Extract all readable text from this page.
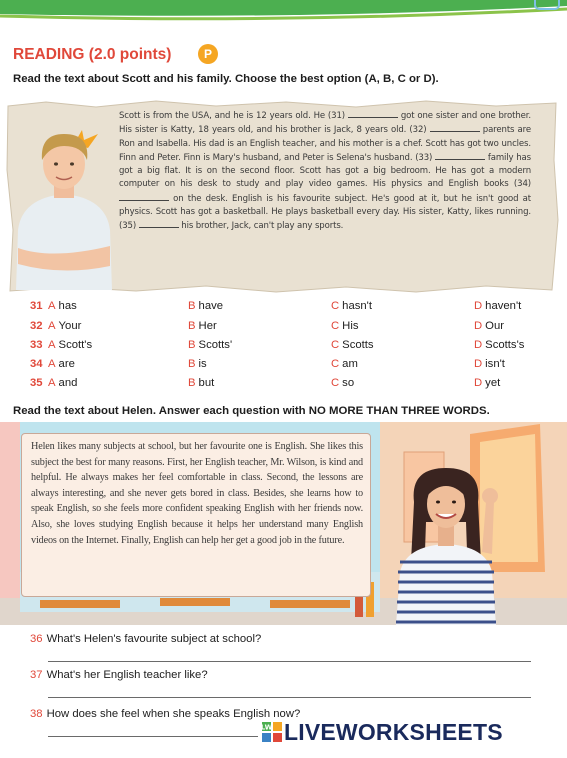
READING (2.0 points)	P
Read the text about Scott and his family. Choose the best option (A, B, C or D).
Scott is from the USA, and he is 12 years old. He (31)	got one sister and one brother. His sister is Katty, 18 years old, and his brother is Jack, 8 years old. (32)	parents are Ron and Isabella. His dad is an English teacher, and his mother is a chef. Scott has got two uncles. Finn and Peter. Finn is Mary's husband, and Peter is Selena's husband. (33)	family has got a big flat. It is on the second floor. Scott has got a big bedroom. He has got a modern computer on his desk to study and play video games. His physics and English books (34)  on the desk. English is his favourite subject. He's good at it, but he isn't good at physics. Scott has got a basketball. He plays basketball every day. His sister, Katty, likes running. (35)	his brother, Jack, can't play any sports.
31 A has	B have	C hasn't	D haven't
32 A Your	B Her	C His	D Our
33 A Scott's	B Scotts'	C Scotts	D Scotts's
34 A are	B is	C am	D isn't
35 A and	B but	C so	D yet
Read the text about Helen. Answer each question with NO MORE THAN THREE WORDS.
Helen likes many subjects at school, but her favourite one is English. She likes this subject the best for many reasons. First, her English teacher, Mr. Wilson, is kind and helpful. He always makes her feel comfortable in class. Second, the lessons are always interesting, and she never gets bored in class. Besides, she learns how to speak English, so she feels more confident speaking English with her friends now. Also, she loves studying English because it helps her understand many English videos on the Internet. Finally, English can help her get a good job in the future.
36 What's Helen's favourite subject at school?
37 What's her English teacher like?
38 How does she feel when she speaks English now?
LW LIVEWORKSHEETS
